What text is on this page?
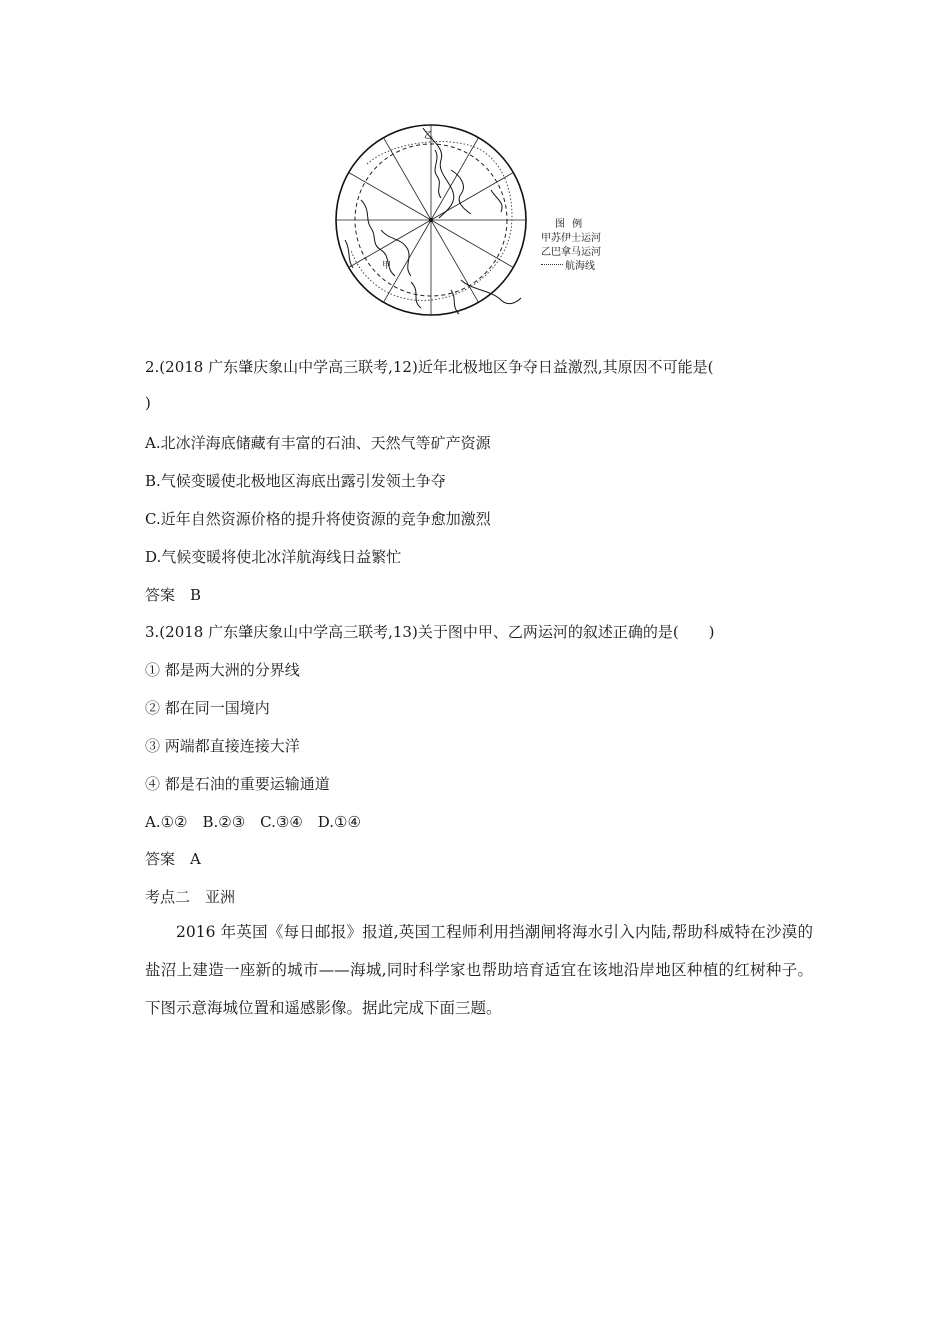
乙
甲
图 例
甲苏伊士运河
乙巴拿马运河
航海线
2.(2018 广东肇庆象山中学高三联考,12)近年北极地区争夺日益激烈,其原因不可能是(
)
A.北冰洋海底储藏有丰富的石油、天然气等矿产资源
B.气候变暖使北极地区海底出露引发领土争夺
C.近年自然资源价格的提升将使资源的竞争愈加激烈
D.气候变暖将使北冰洋航海线日益繁忙
答案　B
3.(2018 广东肇庆象山中学高三联考,13)关于图中甲、乙两运河的叙述正确的是(　　)
① 都是两大洲的分界线
② 都在同一国境内
③ 两端都直接连接大洋
④ 都是石油的重要运输通道
A.①②　B.②③　C.③④　D.①④
答案　A
考点二　亚洲
2016 年英国《每日邮报》报道,英国工程师利用挡潮闸将海水引入内陆,帮助科威特在沙漠的盐沼上建造一座新的城市——海城,同时科学家也帮助培育适宜在该地沿岸地区种植的红树种子。下图示意海城位置和遥感影像。据此完成下面三题。
